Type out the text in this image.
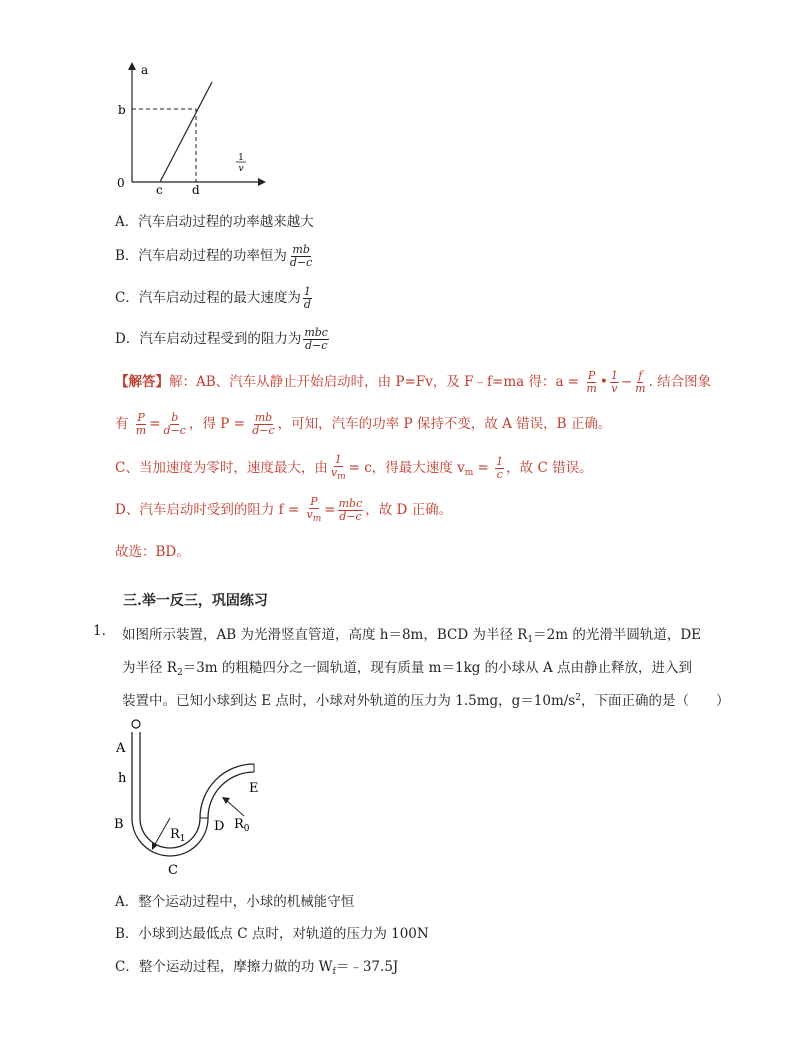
a
1
v
0
b
c d
A．汽车启动过程的功率越来越大
B．汽车启动过程的功率恒为 $\frac{mb}{d-c}$
C．汽车启动过程的最大速度为 $\frac{1}{d}$
D．汽车启动过程受到的阻力为 $\frac{\text{mbc}}{d-c}$
【解答】解：AB、汽车从静止开始启动时，由 P=Fv，及 F﹣f=ma 得：$a = \frac{P}{m}$ • $\frac{1}{v} - \frac{f}{m}$ . 结合图象
有 $\frac{P}{m} = \frac{b}{d-c}$ ，得 $P = \frac{mb}{d-c}$ ，可知，汽车的功率 P 保持不变，故 A 错误，B 正确。
C、当加速度为零时，速度最大，由 $\frac{1}{v_m} = c$，得最大速度 $v_m = \frac{1}{c}$ ，故 C 错误。
D、汽车启动时受到的阻力 $f = \frac{P}{v_m} = \frac{\text{mbc}}{d-c}$ ，故 D 正确。
故选：BD。
三.举一反三，巩固练习
1. 如图所示装置，AB 为光滑竖直管道，高度 h＝8m，BCD 为半径 $R_1=2m$ 的光滑半圆轨道，DE
为半径 $R_2=3m$ 的粗糙四分之一圆轨道，现有质量 m＝1kg 的小球从 A 点由静止释放，进入到
装置中。已知小球到达 E 点时，小球对外轨道的压力为 1.5mg，$g=10m/s^2$，下面正确的是（　　）
A
h
B
C
D
E
$R_1$
$R_0$
A．整个运动过程中，小球的机械能守恒
B．小球到达最低点 C 点时，对轨道的压力为 100N
C．整个运动过程，摩擦力做的功 $W_f=﹣37.5J$
